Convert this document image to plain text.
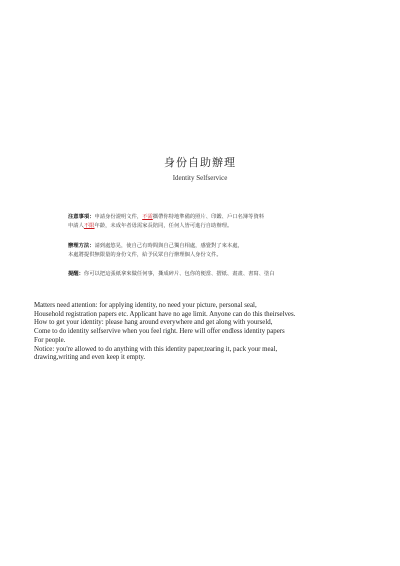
身份自助辦理
Identity Selfservice
注意事項：申請身份證明文件，不需攜帶你特地準備的照片、印鑑、戶口名簿等資料
申請人不限年齡，未成年者毋需家長陪同，任何人皆可進行自助辦理。
辦理方法：請到處悠晃，使自己有時間與自己獨自相處，感覺對了來本處，
本處將提供無限量的身份文件，給予民眾自行辦理個人身份文件。
提醒：你可以把這張紙拿來做任何事，撕成碎片、包你的便當、摺紙、畫畫、書寫、塗白
Matters need attention: for applying identity, no need your picture, personal seal,
Household registration papers etc. Applicant have no age limit. Anyone can do this theirselves.
How to get your identity: please hang around everywhere and get along with yourseld,
Come to do identity selfservive when you feel right. Here will offer endless identity papers
For people.
Notice: you're allowed to do anything with this identity paper,tearing it, pack your meal,
drawing,writing and even keep it empty.
